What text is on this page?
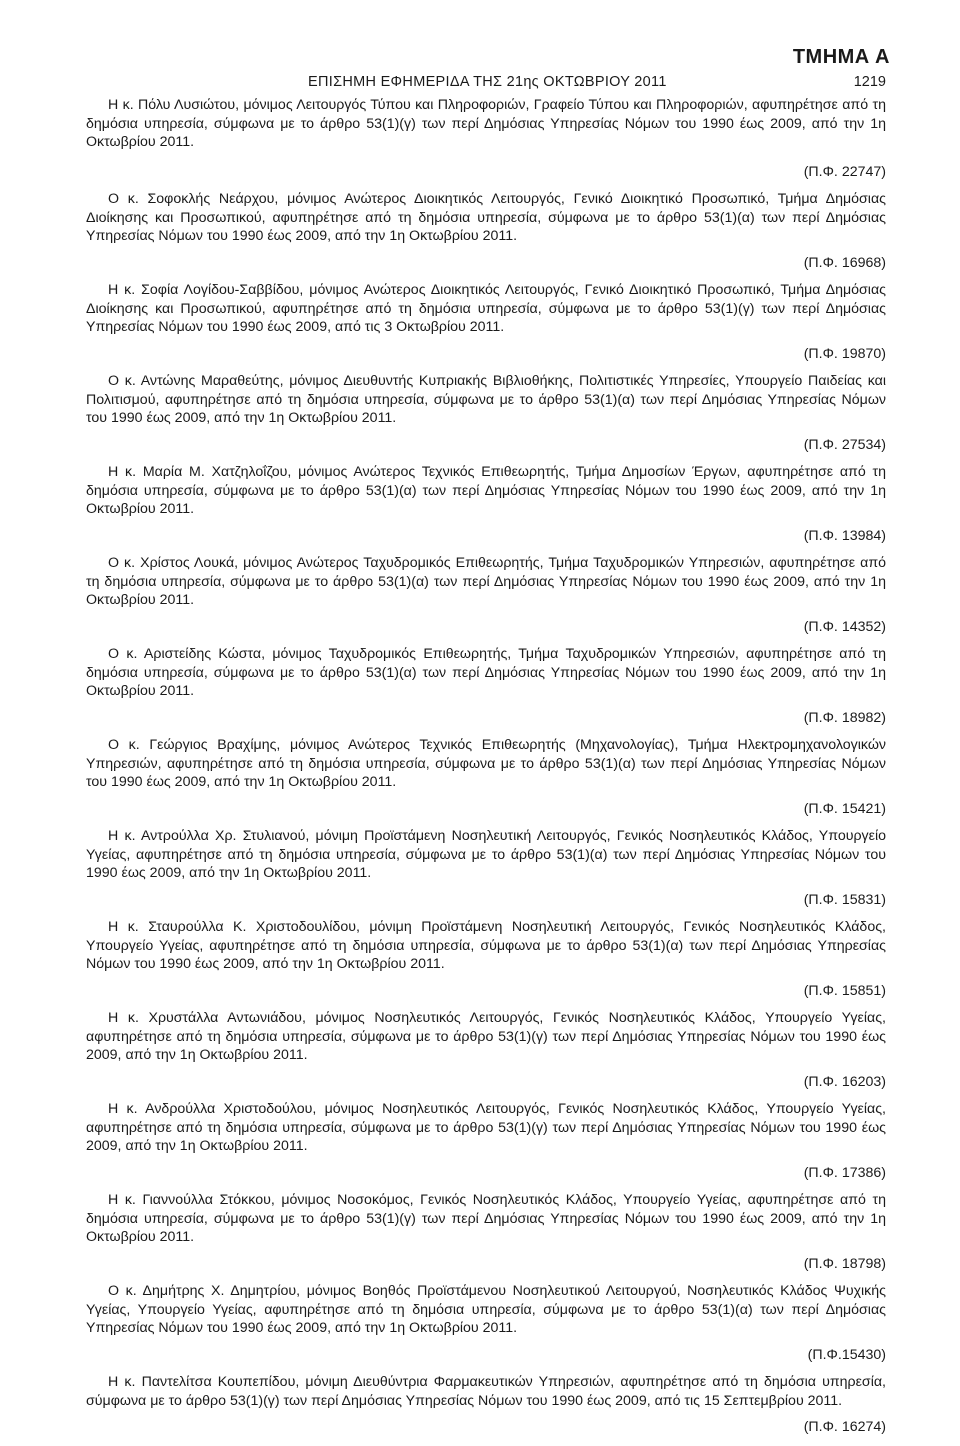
ΤΜΗΜΑ Α
ΕΠΙΣΗΜΗ ΕΦΗΜΕΡΙΔΑ ΤΗΣ 21ης ΟΚΤΩΒΡΙΟΥ 2011	1219

Η κ. Πόλυ Λυσιώτου, μόνιμος Λειτουργός Τύπου και Πληροφοριών, Γραφείο Τύπου και Πληροφοριών, αφυπηρέτησε από τη δημόσια υπηρεσία, σύμφωνα με το άρθρο 53(1)(γ) των περί Δημόσιας Υπηρεσίας Νόμων του 1990 έως 2009, από την 1η Οκτωβρίου 2011.

(Π.Φ. 22747)

Ο κ. Σοφοκλής Νεάρχου, μόνιμος Ανώτερος Διοικητικός Λειτουργός, Γενικό Διοικητικό Προσωπικό, Τμήμα Δημόσιας Διοίκησης και Προσωπικού, αφυπηρέτησε από τη δημόσια υπηρεσία, σύμφωνα με το άρθρο 53(1)(α) των περί Δημόσιας Υπηρεσίας Νόμων του 1990 έως 2009, από την 1η Οκτωβρίου 2011.

(Π.Φ. 16968)

Η κ. Σοφία Λογίδου-Σαββίδου, μόνιμος Ανώτερος Διοικητικός Λειτουργός, Γενικό Διοικητικό Προσωπικό, Τμήμα Δημόσιας Διοίκησης και Προσωπικού, αφυπηρέτησε από τη δημόσια υπηρεσία, σύμφωνα με το άρθρο 53(1)(γ) των περί Δημόσιας Υπηρεσίας Νόμων του 1990 έως 2009, από τις 3 Οκτωβρίου 2011.

(Π.Φ. 19870)

Ο κ. Αντώνης Μαραθεύτης, μόνιμος Διευθυντής Κυπριακής Βιβλιοθήκης, Πολιτιστικές Υπηρεσίες, Υπουργείο Παιδείας και Πολιτισμού, αφυπηρέτησε από τη δημόσια υπηρεσία, σύμφωνα με το άρθρο 53(1)(α) των περί Δημόσιας Υπηρεσίας Νόμων του 1990 έως 2009, από την 1η Οκτωβρίου 2011.

(Π.Φ. 27534)

Η κ. Μαρία Μ. Χατζηλοΐζου, μόνιμος Ανώτερος Τεχνικός Επιθεωρητής, Τμήμα Δημοσίων Έργων, αφυπηρέτησε από τη δημόσια υπηρεσία, σύμφωνα με το άρθρο 53(1)(α) των περί Δημόσιας Υπηρεσίας Νόμων του 1990 έως 2009, από την 1η Οκτωβρίου 2011.

(Π.Φ. 13984)

Ο κ. Χρίστος Λουκά, μόνιμος Ανώτερος Ταχυδρομικός Επιθεωρητής, Τμήμα Ταχυδρομικών Υπηρεσιών, αφυπηρέτησε από τη δημόσια υπηρεσία, σύμφωνα με το άρθρο 53(1)(α) των περί Δημόσιας Υπηρεσίας Νόμων του 1990 έως 2009, από την 1η Οκτωβρίου 2011.

(Π.Φ. 14352)

Ο κ. Αριστείδης Κώστα, μόνιμος Ταχυδρομικός Επιθεωρητής, Τμήμα Ταχυδρομικών Υπηρεσιών, αφυπηρέτησε από τη δημόσια υπηρεσία, σύμφωνα με το άρθρο 53(1)(α) των περί Δημόσιας Υπηρεσίας Νόμων του 1990 έως 2009, από την 1η Οκτωβρίου 2011.

(Π.Φ. 18982)

Ο κ. Γεώργιος Βραχίμης, μόνιμος Ανώτερος Τεχνικός Επιθεωρητής (Μηχανολογίας), Τμήμα Ηλεκτρομηχανολογικών Υπηρεσιών, αφυπηρέτησε από τη δημόσια υπηρεσία, σύμφωνα με το άρθρο 53(1)(α) των περί Δημόσιας Υπηρεσίας Νόμων του 1990 έως 2009, από την 1η Οκτωβρίου 2011.

(Π.Φ. 15421)

Η κ. Αντρούλλα Χρ. Στυλιανού, μόνιμη Προϊστάμενη Νοσηλευτική Λειτουργός, Γενικός Νοσηλευτικός Κλάδος, Υπουργείο Υγείας, αφυπηρέτησε από τη δημόσια υπηρεσία, σύμφωνα με το άρθρο 53(1)(α) των περί Δημόσιας Υπηρεσίας Νόμων του 1990 έως 2009, από την 1η Οκτωβρίου 2011.

(Π.Φ. 15831)

Η κ. Σταυρούλλα Κ. Χριστοδουλίδου, μόνιμη Προϊστάμενη Νοσηλευτική Λειτουργός, Γενικός Νοσηλευτικός Κλάδος, Υπουργείο Υγείας, αφυπηρέτησε από τη δημόσια υπηρεσία, σύμφωνα με το άρθρο 53(1)(α) των περί Δημόσιας Υπηρεσίας Νόμων του 1990 έως 2009, από την 1η Οκτωβρίου 2011.

(Π.Φ. 15851)

Η κ. Χρυστάλλα Αντωνιάδου, μόνιμος Νοσηλευτικός Λειτουργός, Γενικός Νοσηλευτικός Κλάδος, Υπουργείο Υγείας, αφυπηρέτησε από τη δημόσια υπηρεσία, σύμφωνα με το άρθρο 53(1)(γ) των περί Δημόσιας Υπηρεσίας Νόμων του 1990 έως 2009, από την 1η Οκτωβρίου 2011.

(Π.Φ. 16203)

Η κ. Ανδρούλλα Χριστοδούλου, μόνιμος Νοσηλευτικός Λειτουργός, Γενικός Νοσηλευτικός Κλάδος, Υπουργείο Υγείας, αφυπηρέτησε από τη δημόσια υπηρεσία, σύμφωνα με το άρθρο 53(1)(γ) των περί Δημόσιας Υπηρεσίας Νόμων του 1990 έως 2009, από την 1η Οκτωβρίου 2011.

(Π.Φ. 17386)

Η κ. Γιαννούλλα Στόκκου, μόνιμος Νοσοκόμος, Γενικός Νοσηλευτικός Κλάδος, Υπουργείο Υγείας, αφυπηρέτησε από τη δημόσια υπηρεσία, σύμφωνα με το άρθρο 53(1)(γ) των περί Δημόσιας Υπηρεσίας Νόμων του 1990 έως 2009, από την 1η Οκτωβρίου 2011.

(Π.Φ. 18798)

Ο κ. Δημήτρης Χ. Δημητρίου, μόνιμος Βοηθός Προϊστάμενου Νοσηλευτικού Λειτουργού, Νοσηλευτικός Κλάδος Ψυχικής Υγείας, Υπουργείο Υγείας, αφυπηρέτησε από τη δημόσια υπηρεσία, σύμφωνα με το άρθρο 53(1)(α) των περί Δημόσιας Υπηρεσίας Νόμων του 1990 έως 2009, από την 1η Οκτωβρίου 2011.

(Π.Φ.15430)

Η κ. Παντελίτσα Κουπεπίδου, μόνιμη Διευθύντρια Φαρμακευτικών Υπηρεσιών, αφυπηρέτησε από τη δημόσια υπηρεσία, σύμφωνα με το άρθρο 53(1)(γ) των περί Δημόσιας Υπηρεσίας Νόμων του 1990 έως 2009, από τις 15 Σεπτεμβρίου 2011.

(Π.Φ. 16274)
